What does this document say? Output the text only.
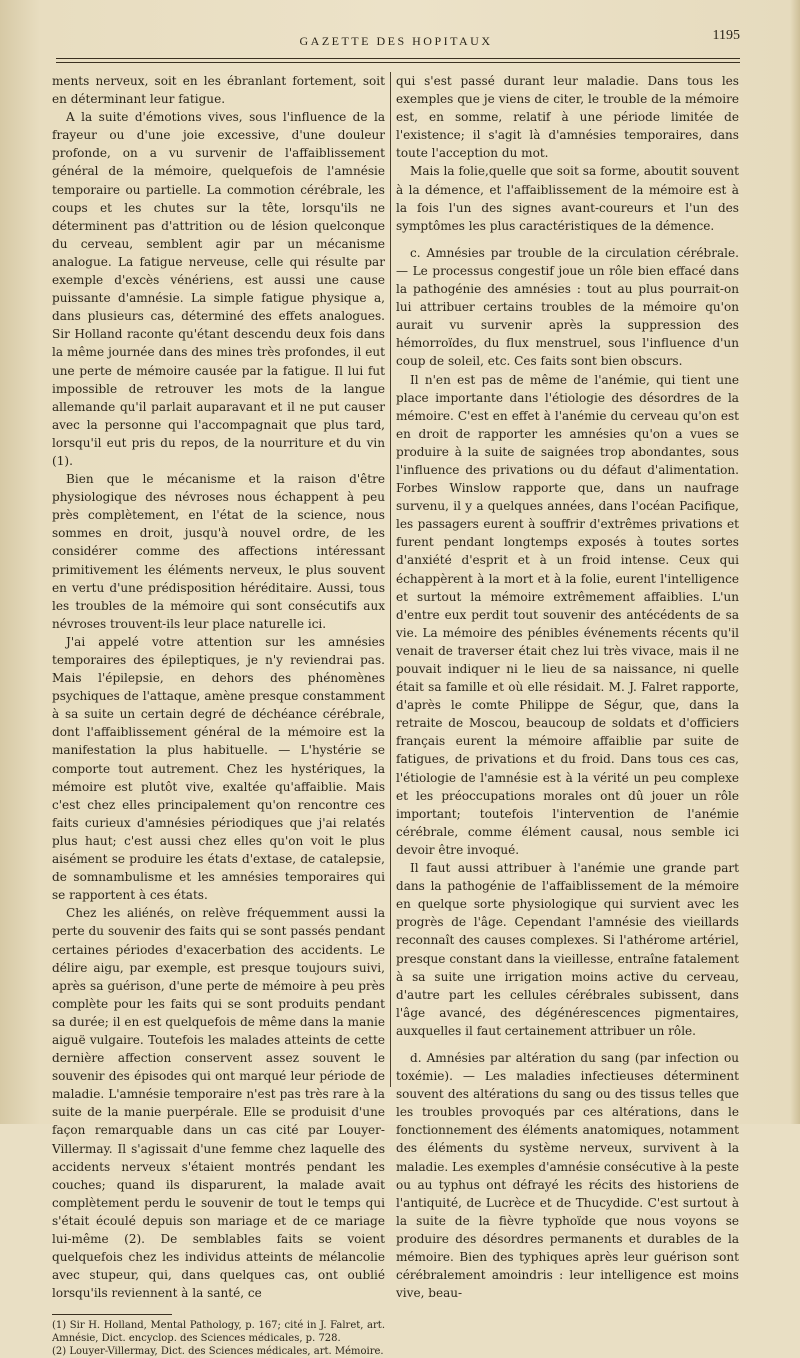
GAZETTE DES HOPITAUX	1195

ments nerveux, soit en les ébranlant fortement, soit en déterminant leur fatigue.

A la suite d'émotions vives, sous l'influence de la frayeur ou d'une joie excessive, d'une douleur profonde, on a vu survenir de l'affaiblissement général de la mémoire, quelquefois de l'amnésie temporaire ou partielle. La commotion cérébrale, les coups et les chutes sur la tête, lorsqu'ils ne déterminent pas d'attrition ou de lésion quelconque du cerveau, semblent agir par un mécanisme analogue. La fatigue nerveuse, celle qui résulte par exemple d'excès vénériens, est aussi une cause puissante d'amnésie. La simple fatigue physique a, dans plusieurs cas, déterminé des effets analogues. Sir Holland raconte qu'étant descendu deux fois dans la même journée dans des mines très profondes, il eut une perte de mémoire causée par la fatigue. Il lui fut impossible de retrouver les mots de la langue allemande qu'il parlait auparavant et il ne put causer avec la personne qui l'accompagnait que plus tard, lorsqu'il eut pris du repos, de la nourriture et du vin (1).

Bien que le mécanisme et la raison d'être physiologique des névroses nous échappent à peu près complètement, en l'état de la science, nous sommes en droit, jusqu'à nouvel ordre, de les considérer comme des affections intéressant primitivement les éléments nerveux, le plus souvent en vertu d'une prédisposition héréditaire. Aussi, tous les troubles de la mémoire qui sont consécutifs aux névroses trouvent-ils leur place naturelle ici.

J'ai appelé votre attention sur les amnésies temporaires des épileptiques, je n'y reviendrai pas. Mais l'épilepsie, en dehors des phénomènes psychiques de l'attaque, amène presque constamment à sa suite un certain degré de déchéance cérébrale, dont l'affaiblissement général de la mémoire est la manifestation la plus habituelle. — L'hystérie se comporte tout autrement. Chez les hystériques, la mémoire est plutôt vive, exaltée qu'affaiblie. Mais c'est chez elles principalement qu'on rencontre ces faits curieux d'amnésies périodiques que j'ai relatés plus haut; c'est aussi chez elles qu'on voit le plus aisément se produire les états d'extase, de catalepsie, de somnambulisme et les amnésies temporaires qui se rapportent à ces états.

Chez les aliénés, on relève fréquemment aussi la perte du souvenir des faits qui se sont passés pendant certaines périodes d'exacerbation des accidents. Le délire aigu, par exemple, est presque toujours suivi, après sa guérison, d'une perte de mémoire à peu près complète pour les faits qui se sont produits pendant sa durée; il en est quelquefois de même dans la manie aiguë vulgaire. Toutefois les malades atteints de cette dernière affection conservent assez souvent le souvenir des épisodes qui ont marqué leur période de maladie. L'amnésie temporaire n'est pas très rare à la suite de la manie puerpérale. Elle se produisit d'une façon remarquable dans un cas cité par Louyer-Villermay. Il s'agissait d'une femme chez laquelle des accidents nerveux s'étaient montrés pendant les couches; quand ils disparurent, la malade avait complètement perdu le souvenir de tout le temps qui s'était écoulé depuis son mariage et de ce mariage lui-même (2). De semblables faits se voient quelquefois chez les individus atteints de mélancolie avec stupeur, qui, dans quelques cas, ont oublié lorsqu'ils reviennent à la santé, ce

(1) Sir H. Holland, Mental Pathology, p. 167; cité in J. Falret, art. Amnésie, Dict. encyclop. des Sciences médicales, p. 728.

(2) Louyer-Villermay, Dict. des Sciences médicales, art. Mémoire.

qui s'est passé durant leur maladie. Dans tous les exemples que je viens de citer, le trouble de la mémoire est, en somme, relatif à une période limitée de l'existence; il s'agit là d'amnésies temporaires, dans toute l'acception du mot.

Mais la folie,quelle que soit sa forme, aboutit souvent à la démence, et l'affaiblissement de la mémoire est à la fois l'un des signes avant-coureurs et l'un des symptômes les plus caractéristiques de la démence.

c. Amnésies par trouble de la circulation cérébrale. — Le processus congestif joue un rôle bien effacé dans la pathogénie des amnésies : tout au plus pourrait-on lui attribuer certains troubles de la mémoire qu'on aurait vu survenir après la suppression des hémorroïdes, du flux menstruel, sous l'influence d'un coup de soleil, etc. Ces faits sont bien obscurs.

Il n'en est pas de même de l'anémie, qui tient une place importante dans l'étiologie des désordres de la mémoire. C'est en effet à l'anémie du cerveau qu'on est en droit de rapporter les amnésies qu'on a vues se produire à la suite de saignées trop abondantes, sous l'influence des privations ou du défaut d'alimentation. Forbes Winslow rapporte que, dans un naufrage survenu, il y a quelques années, dans l'océan Pacifique, les passagers eurent à souffrir d'extrêmes privations et furent pendant longtemps exposés à toutes sortes d'anxiété d'esprit et à un froid intense. Ceux qui échappèrent à la mort et à la folie, eurent l'intelligence et surtout la mémoire extrêmement affaiblies. L'un d'entre eux perdit tout souvenir des antécédents de sa vie. La mémoire des pénibles événements récents qu'il venait de traverser était chez lui très vivace, mais il ne pouvait indiquer ni le lieu de sa naissance, ni quelle était sa famille et où elle résidait. M. J. Falret rapporte, d'après le comte Philippe de Ségur, que, dans la retraite de Moscou, beaucoup de soldats et d'officiers français eurent la mémoire affaiblie par suite de fatigues, de privations et du froid. Dans tous ces cas, l'étiologie de l'amnésie est à la vérité un peu complexe et les préoccupations morales ont dû jouer un rôle important; toutefois l'intervention de l'anémie cérébrale, comme élément causal, nous semble ici devoir être invoqué.

Il faut aussi attribuer à l'anémie une grande part dans la pathogénie de l'affaiblissement de la mémoire en quelque sorte physiologique qui survient avec les progrès de l'âge. Cependant l'amnésie des vieillards reconnaît des causes complexes. Si l'athérome artériel, presque constant dans la vieillesse, entraîne fatalement à sa suite une irrigation moins active du cerveau, d'autre part les cellules cérébrales subissent, dans l'âge avancé, des dégénérescences pigmentaires, auxquelles il faut certainement attribuer un rôle.

d. Amnésies par altération du sang (par infection ou toxémie). — Les maladies infectieuses déterminent souvent des altérations du sang ou des tissus telles que les troubles provoqués par ces altérations, dans le fonctionnement des éléments anatomiques, notamment des éléments du système nerveux, survivent à la maladie. Les exemples d'amnésie consécutive à la peste ou au typhus ont défrayé les récits des historiens de l'antiquité, de Lucrèce et de Thucydide. C'est surtout à la suite de la fièvre typhoïde que nous voyons se produire des désordres permanents et durables de la mémoire. Bien des typhiques après leur guérison sont cérébralement amoindris : leur intelligence est moins vive, beau-
